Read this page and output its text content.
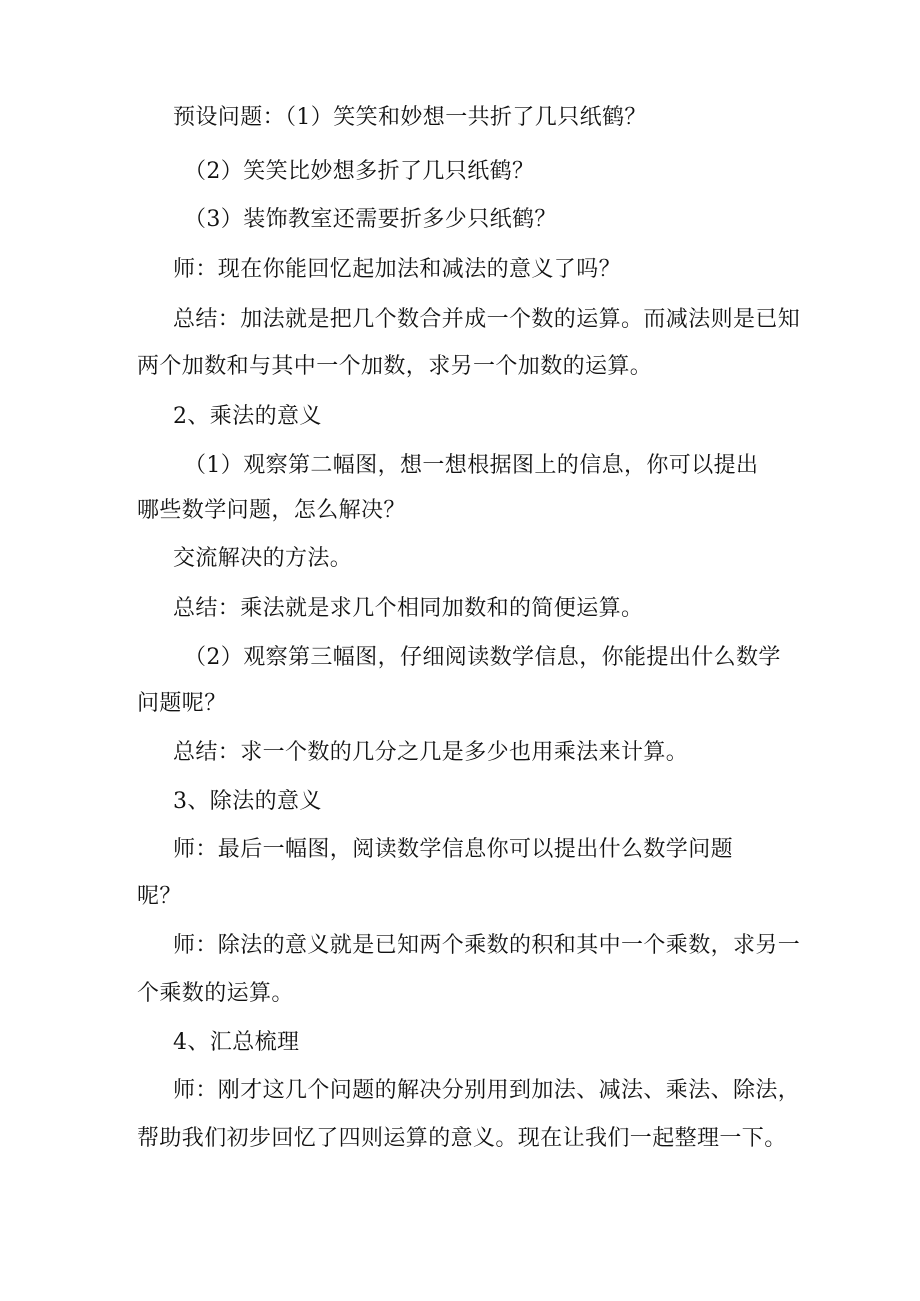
预设问题：（1）笑笑和妙想一共折了几只纸鹤？
（2）笑笑比妙想多折了几只纸鹤？
（3）装饰教室还需要折多少只纸鹤？
师：现在你能回忆起加法和减法的意义了吗？
总结：加法就是把几个数合并成一个数的运算。而减法则是已知
两个加数和与其中一个加数，求另一个加数的运算。
2、乘法的意义
（1）观察第二幅图，想一想根据图上的信息，你可以提出
哪些数学问题，怎么解决？
交流解决的方法。
总结：乘法就是求几个相同加数和的简便运算。
（2）观察第三幅图，仔细阅读数学信息，你能提出什么数学
问题呢？
总结：求一个数的几分之几是多少也用乘法来计算。
3、除法的意义
师：最后一幅图，阅读数学信息你可以提出什么数学问题
呢？
师：除法的意义就是已知两个乘数的积和其中一个乘数，求另一
个乘数的运算。
4、汇总梳理
师：刚才这几个问题的解决分别用到加法、减法、乘法、除法，
帮助我们初步回忆了四则运算的意义。现在让我们一起整理一下。
